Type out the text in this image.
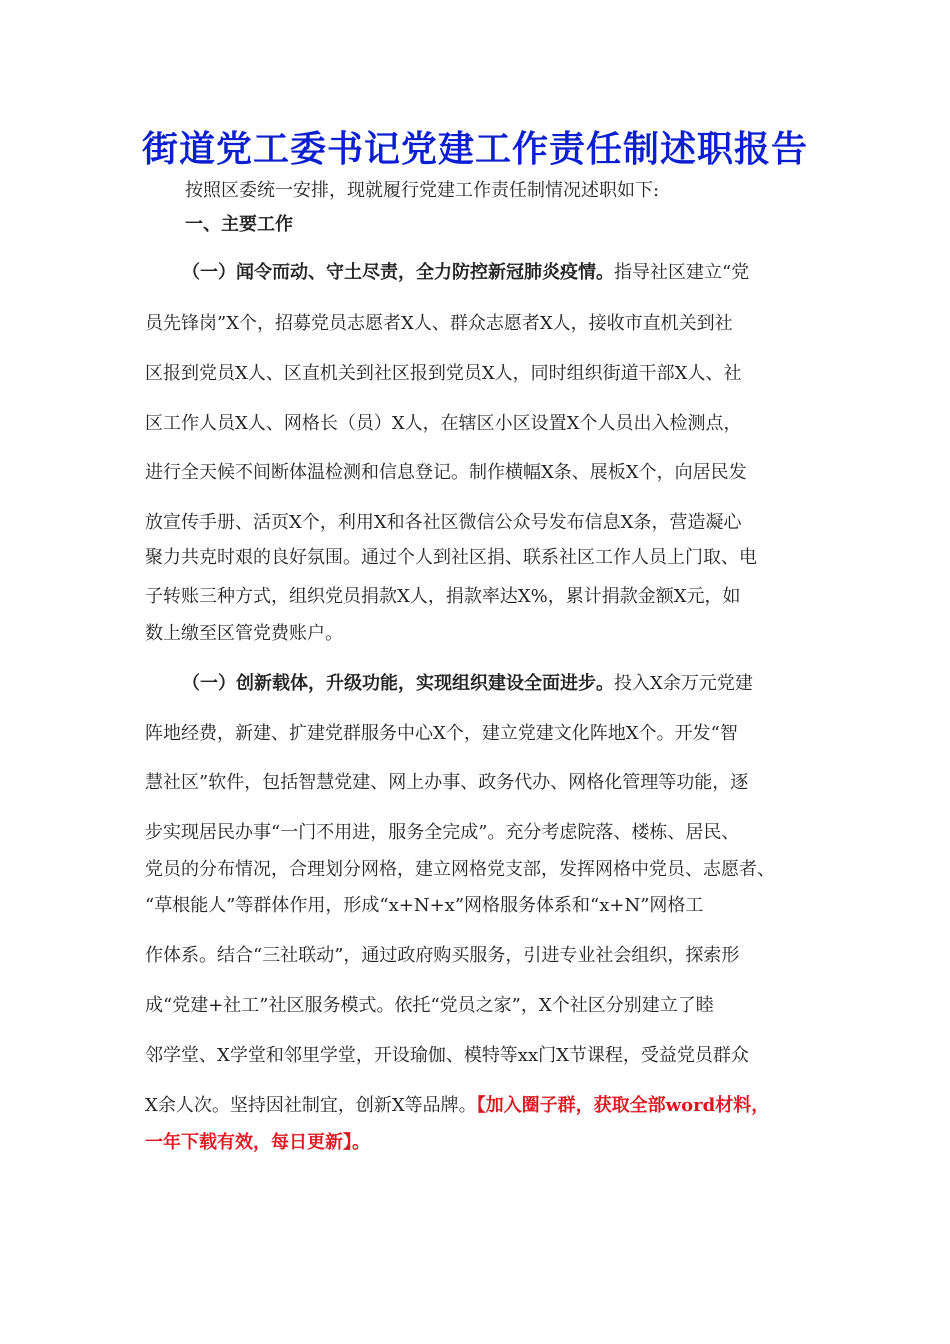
街道党工委书记党建工作责任制述职报告
按照区委统一安排，现就履行党建工作责任制情况述职如下:
一、主要工作
（一）闻令而动、守土尽责，全力防控新冠肺炎疫情。指导社区建立“党
员先锋岗”X个，招募党员志愿者X人、群众志愿者X人，接收市直机关到社
区报到党员X人、区直机关到社区报到党员X人，同时组织街道干部X人、社
区工作人员X人、网格长（员）X人，在辖区小区设置X个人员出入检测点，
进行全天候不间断体温检测和信息登记。制作横幅X条、展板X个，向居民发
放宣传手册、活页X个，利用X和各社区微信公众号发布信息X条，营造凝心
聚力共克时艰的良好氛围。通过个人到社区捐、联系社区工作人员上门取、电
子转账三种方式，组织党员捐款X人，捐款率达X%，累计捐款金额X元，如
数上缴至区管党费账户。
（一）创新载体，升级功能，实现组织建设全面进步。投入X余万元党建
阵地经费，新建、扩建党群服务中心X个，建立党建文化阵地X个。开发“智
慧社区”软件，包括智慧党建、网上办事、政务代办、网格化管理等功能，逐
步实现居民办事“一门不用进，服务全完成”。充分考虑院落、楼栋、居民、
党员的分布情况，合理划分网格，建立网格党支部，发挥网格中党员、志愿者、
“草根能人”等群体作用，形成“x+N+x”网格服务体系和“x+N”网格工
作体系。结合“三社联动”，通过政府购买服务，引进专业社会组织，探索形
成“党建+社工”社区服务模式。依托“党员之家”，X个社区分别建立了睦
邻学堂、X学堂和邻里学堂，开设瑜伽、模特等xx门X节课程，受益党员群众
X余人次。坚持因社制宜，创新X等品牌。【加入圈子群，获取全部word材料，
一年下载有效，每日更新】。
